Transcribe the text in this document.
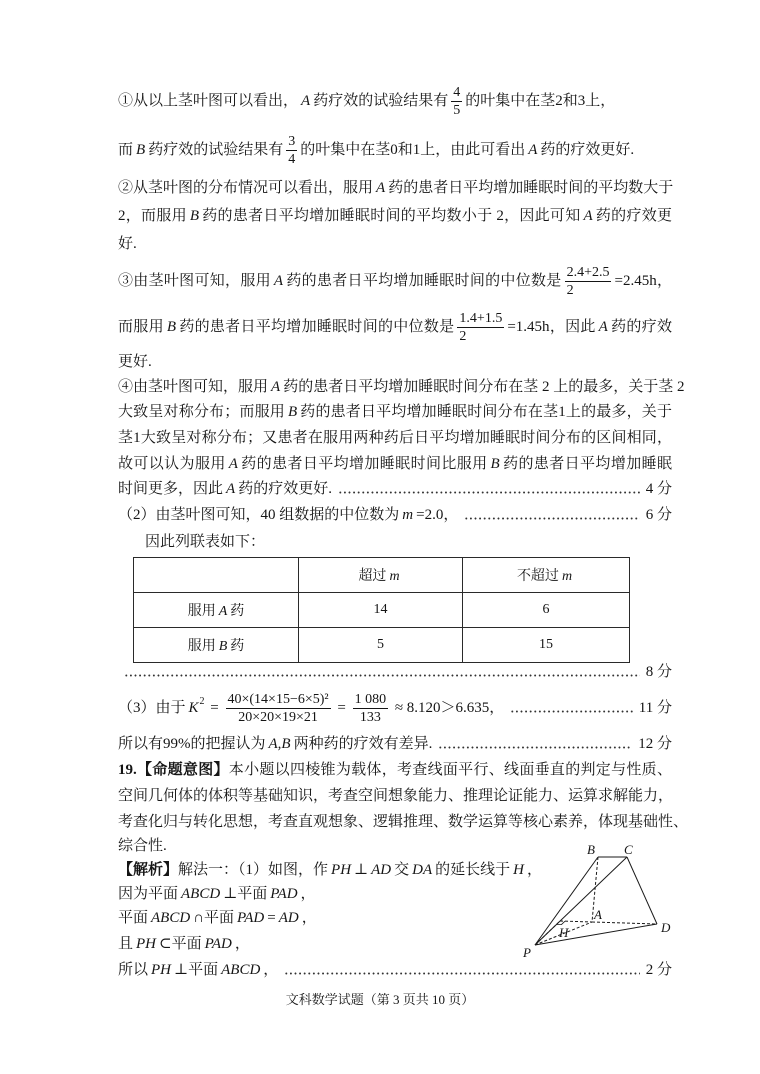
①从以上茎叶图可以看出， A 药疗效的试验结果有 $\frac{4}{5}$ 的叶集中在茎2和3上，
而 B 药疗效的试验结果有 $\frac{3}{4}$ 的叶集中在茎0和1上，由此可看出 A 药的疗效更好.
②从茎叶图的分布情况可以看出，服用 A 药的患者日平均增加睡眠时间的平均数大于
2，而服用 B 药的患者日平均增加睡眠时间的平均数小于 2，因此可知 A 药的疗效更
好.
③由茎叶图可知，服用 A 药的患者日平均增加睡眠时间的中位数是 $\frac{2.4+2.5}{2} =2.45h$，
而服用 B 药的患者日平均增加睡眠时间的中位数是 $\frac{1.4+1.5}{2} =1.45h$，因此 A 药的疗效
更好.
④由茎叶图可知，服用 A 药的患者日平均增加睡眠时间分布在茎 2 上的最多，关于茎 2
大致呈对称分布；而服用 B 药的患者日平均增加睡眠时间分布在茎1上的最多，关于
茎1大致呈对称分布；又患者在服用两种药后日平均增加睡眠时间分布的区间相同，
故可以认为服用 A 药的患者日平均增加睡眠时间比服用 B 药的患者日平均增加睡眠
时间更多，因此 A 药的疗效更好.	4 分
（2）由茎叶图可知，40 组数据的中位数为 m =2.0，	6 分
因此列联表如下：
	超过 m	不超过 m
服用 A 药	14	6
服用 B 药	5	15
8 分
（3）由于 K $2 = \frac{\text{40×(14×15−6×5)²}}{20\times 20\times 19\times 21} = \frac{1 080}{133} \approx 8.120>6.635$，	11 分
所以有99%的把握认为 A,B 两种药的疗效有差异.	12 分
19.【命题意图】本小题以四棱锥为载体，考查线面平行、线面垂直的判定与性质、
空间几何体的体积等基础知识，考查空间想象能力、推理论证能力、运算求解能力，
考查化归与转化思想，考查直观想象、逻辑推理、数学运算等核心素养，体现基础性、
综合性.
【解析】解法一：（1）如图，作 PH ⊥ AD 交 DA 的延长线于 H ，
因为平面 ABCD ⊥平面 PAD ，
平面 ABCD ∩平面 PAD = AD ，
且 PH ⊂平面 PAD ，
所以 PH ⊥平面 ABCD ，	2 分
B C
A
D
H
P
文科数学试题（第 3 页共 10 页）
